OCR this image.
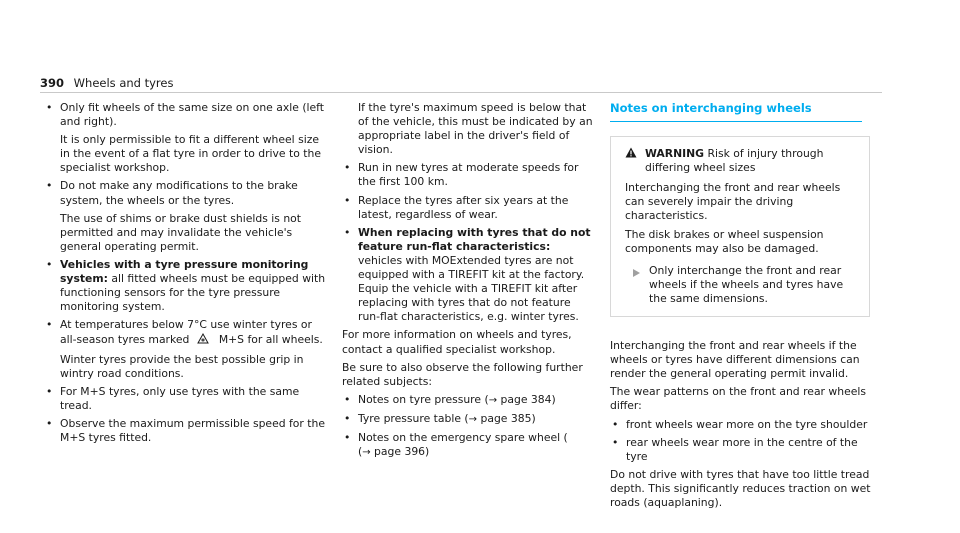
390 Wheels and tyres
• Only fit wheels of the same size on one axle (left and right).
It is only permissible to fit a different wheel size in the event of a flat tyre in order to drive to the specialist workshop.
• Do not make any modifications to the brake system, the wheels or the tyres.
The use of shims or brake dust shields is not permitted and may invalidate the vehicle's general operating permit.
• Vehicles with a tyre pressure monitoring system: all fitted wheels must be equipped with functioning sensors for the tyre pressure monitoring system.
• At temperatures below 7°C use winter tyres or all-season tyres marked	M+S for all wheels.
Winter tyres provide the best possible grip in wintry road conditions.
• For M+S tyres, only use tyres with the same tread.
• Observe the maximum permissible speed for the M+S tyres fitted.
If the tyre's maximum speed is below that of the vehicle, this must be indicated by an appropriate label in the driver's field of vision.
• Run in new tyres at moderate speeds for the first 100 km.
• Replace the tyres after six years at the latest, regardless of wear.
• When replacing with tyres that do not feature run-flat characteristics: vehicles with MOExtended tyres are not equipped with a TIREFIT kit at the factory. Equip the vehicle with a TIREFIT kit after replacing with tyres that do not feature run-flat characteristics, e.g. winter tyres.
For more information on wheels and tyres, contact a qualified specialist workshop.
Be sure to also observe the following further related subjects:
• Notes on tyre pressure (→ page 384)
• Tyre pressure table (→ page 385)
• Notes on the emergency spare wheel (
(→ page 396)
Notes on interchanging wheels
WARNING Risk of injury through differing wheel sizes
Interchanging the front and rear wheels can severely impair the driving characteristics.
The disk brakes or wheel suspension components may also be damaged.
Only interchange the front and rear wheels if the wheels and tyres have the same dimensions.
Interchanging the front and rear wheels if the wheels or tyres have different dimensions can render the general operating permit invalid.
The wear patterns on the front and rear wheels differ:
• front wheels wear more on the tyre shoulder
• rear wheels wear more in the centre of the tyre
Do not drive with tyres that have too little tread depth. This significantly reduces traction on wet roads (aquaplaning).
